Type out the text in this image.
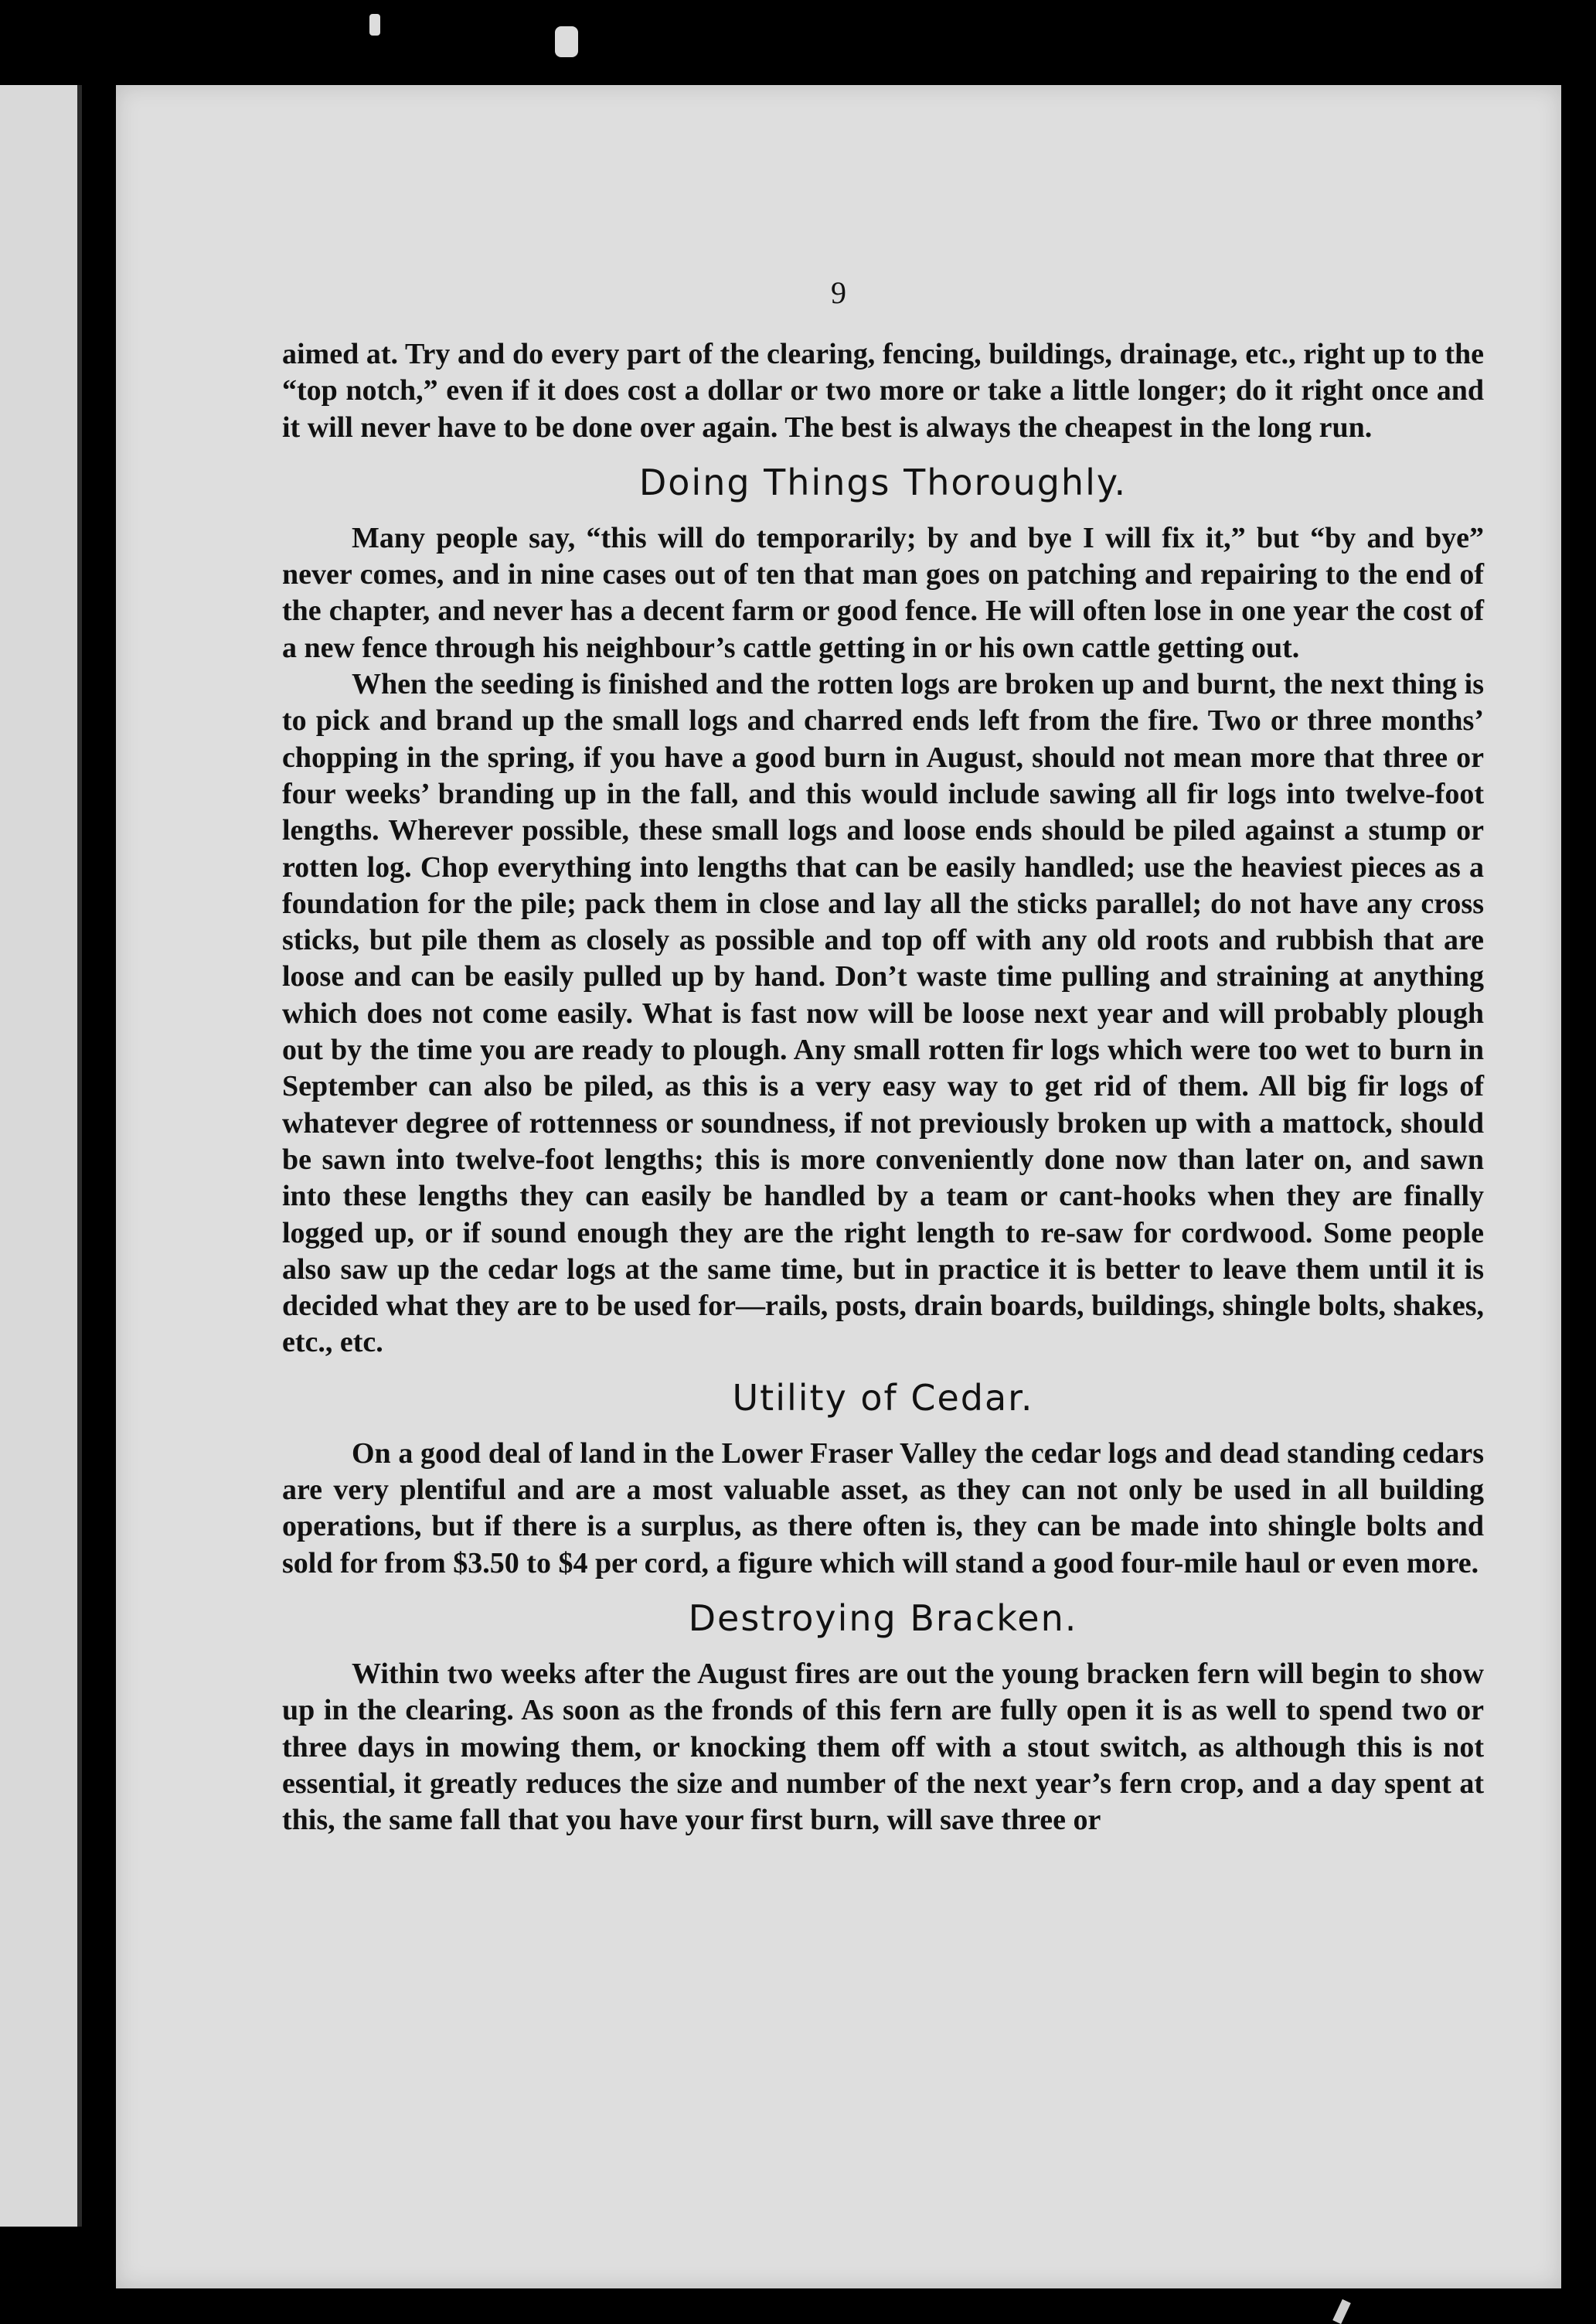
9

aimed at. Try and do every part of the clearing, fencing, buildings, drainage, etc., right up to the “top notch,” even if it does cost a dollar or two more or take a little longer; do it right once and it will never have to be done over again. The best is always the cheapest in the long run.

Doing Things Thoroughly.

Many people say, “this will do temporarily; by and bye I will fix it,” but “by and bye” never comes, and in nine cases out of ten that man goes on patching and repairing to the end of the chapter, and never has a decent farm or good fence. He will often lose in one year the cost of a new fence through his neighbour’s cattle getting in or his own cattle getting out.

When the seeding is finished and the rotten logs are broken up and burnt, the next thing is to pick and brand up the small logs and charred ends left from the fire. Two or three months’ chopping in the spring, if you have a good burn in August, should not mean more that three or four weeks’ branding up in the fall, and this would include sawing all fir logs into twelve-foot lengths. Wherever possible, these small logs and loose ends should be piled against a stump or rotten log. Chop everything into lengths that can be easily handled; use the heaviest pieces as a foundation for the pile; pack them in close and lay all the sticks parallel; do not have any cross sticks, but pile them as closely as possible and top off with any old roots and rubbish that are loose and can be easily pulled up by hand. Don’t waste time pulling and straining at anything which does not come easily. What is fast now will be loose next year and will probably plough out by the time you are ready to plough. Any small rotten fir logs which were too wet to burn in September can also be piled, as this is a very easy way to get rid of them. All big fir logs of whatever degree of rottenness or soundness, if not previously broken up with a mattock, should be sawn into twelve-foot lengths; this is more conveniently done now than later on, and sawn into these lengths they can easily be handled by a team or cant-hooks when they are finally logged up, or if sound enough they are the right length to re-saw for cordwood. Some people also saw up the cedar logs at the same time, but in practice it is better to leave them until it is decided what they are to be used for—rails, posts, drain boards, buildings, shingle bolts, shakes, etc., etc.

Utility of Cedar.

On a good deal of land in the Lower Fraser Valley the cedar logs and dead standing cedars are very plentiful and are a most valuable asset, as they can not only be used in all building operations, but if there is a surplus, as there often is, they can be made into shingle bolts and sold for from $3.50 to $4 per cord, a figure which will stand a good four-mile haul or even more.

Destroying Bracken.

Within two weeks after the August fires are out the young bracken fern will begin to show up in the clearing. As soon as the fronds of this fern are fully open it is as well to spend two or three days in mowing them, or knocking them off with a stout switch, as although this is not essential, it greatly reduces the size and number of the next year’s fern crop, and a day spent at this, the same fall that you have your first burn, will save three or
